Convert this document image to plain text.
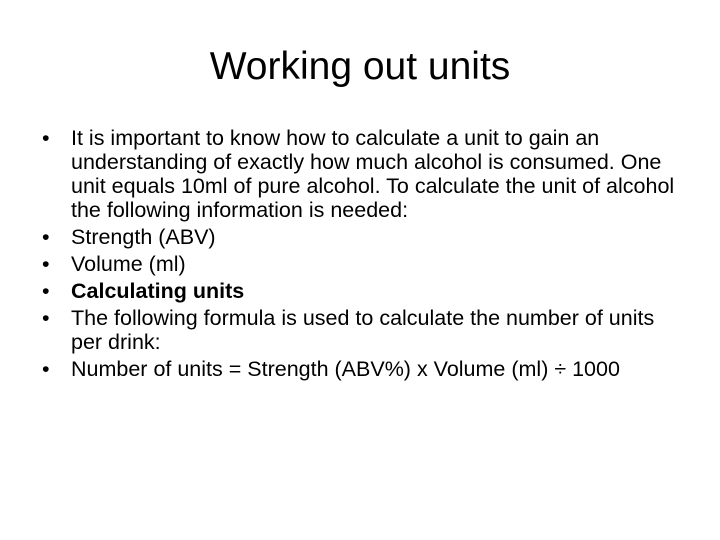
Working out units
• It is important to know how to calculate a unit to gain an understanding of exactly how much alcohol is consumed. One unit equals 10ml of pure alcohol. To calculate the unit of alcohol the following information is needed:
• Strength (ABV)
• Volume (ml)
• Calculating units
• The following formula is used to calculate the number of units per drink:
• Number of units = Strength (ABV%) x Volume (ml) ÷ 1000
